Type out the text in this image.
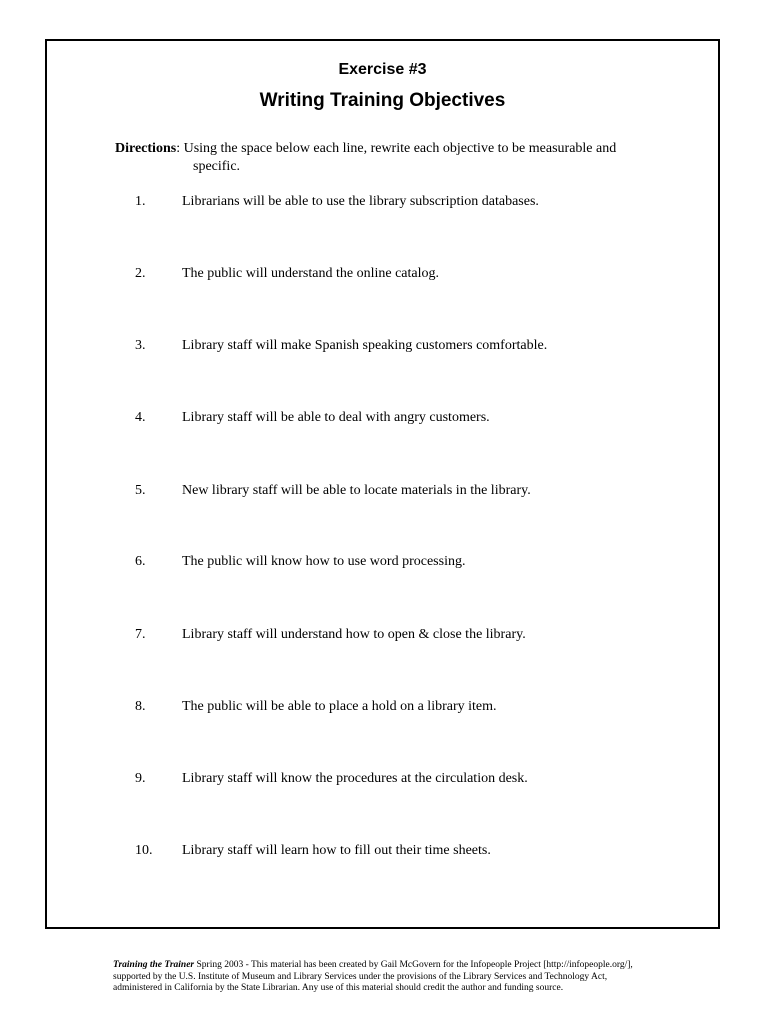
Exercise #3
Writing Training Objectives
Directions: Using the space below each line, rewrite each objective to be measurable and
specific.
1.	Librarians will be able to use the library subscription databases.
2.	The public will understand the online catalog.
3.	Library staff will make Spanish speaking customers comfortable.
4.	Library staff will be able to deal with angry customers.
5.	New library staff will be able to locate materials in the library.
6.	The public will know how to use word processing.
7.	Library staff will understand how to open & close the library.
8.	The public will be able to place a hold on a library item.
9.	Library staff will know the procedures at the circulation desk.
10. Library staff will learn how to fill out their time sheets.
Training the Trainer Spring 2003 - This material has been created by Gail McGovern for the Infopeople Project [http://infopeople.org/],
supported by the U.S. Institute of Museum and Library Services under the provisions of the Library Services and Technology Act,
administered in California by the State Librarian. Any use of this material should credit the author and funding source.
